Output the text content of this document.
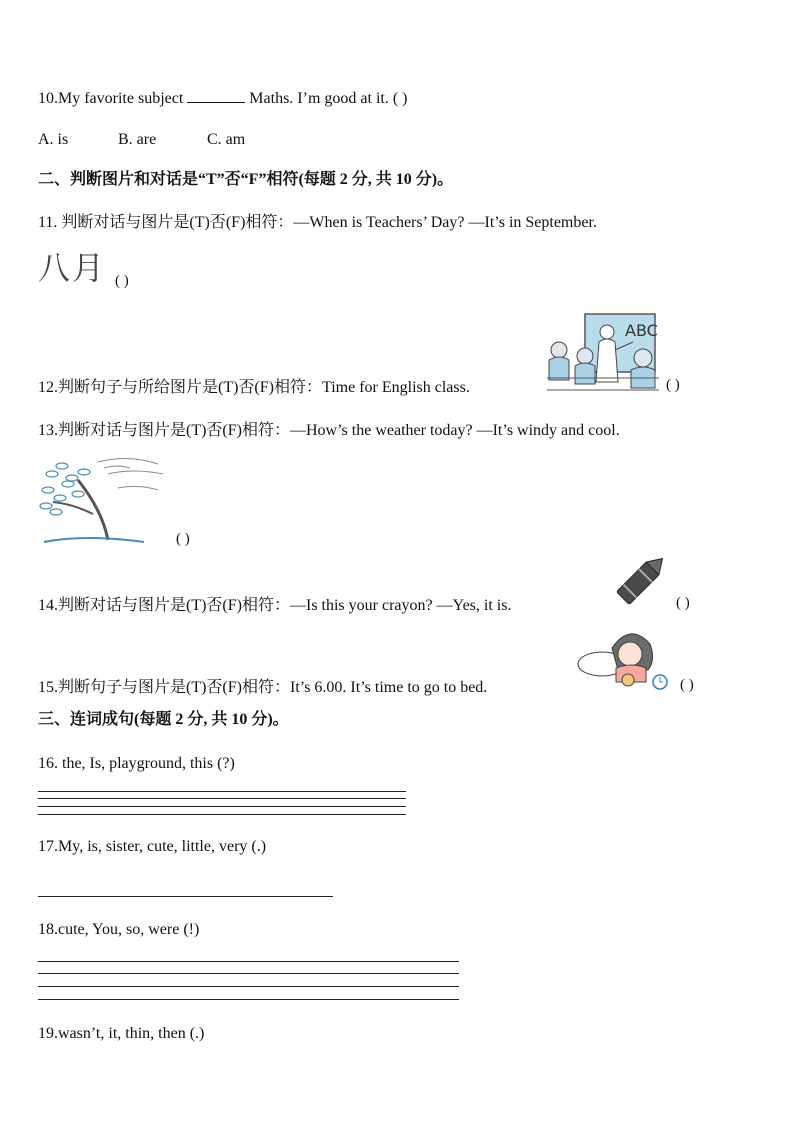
10.My favorite subject	Maths. I’m good at it. ( )
A. is	B. are	C. am
二、判断图片和对话是“T”否“F”相符(每题 2 分, 共 10 分)。
11. 判断对话与图片是(T)否(F)相符：—When is Teachers’ Day? —It’s in September.
八月 ( )
12.判断句子与所给图片是(T)否(F)相符：Time for English class.
ABC
( )
13.判断对话与图片是(T)否(F)相符：—How’s the weather today? —It’s windy and cool.
( )
14.判断对话与图片是(T)否(F)相符：—Is this your crayon? —Yes, it is.	( )
15.判断句子与图片是(T)否(F)相符：It’s 6.00. It’s time to go to bed.	( )
三、连词成句(每题 2 分, 共 10 分)。
16. the, Is, playground, this (?)
17.My, is, sister, cute, little, very (.)
18.cute, You, so, were (!)
19.wasn’t, it, thin, then (.)
